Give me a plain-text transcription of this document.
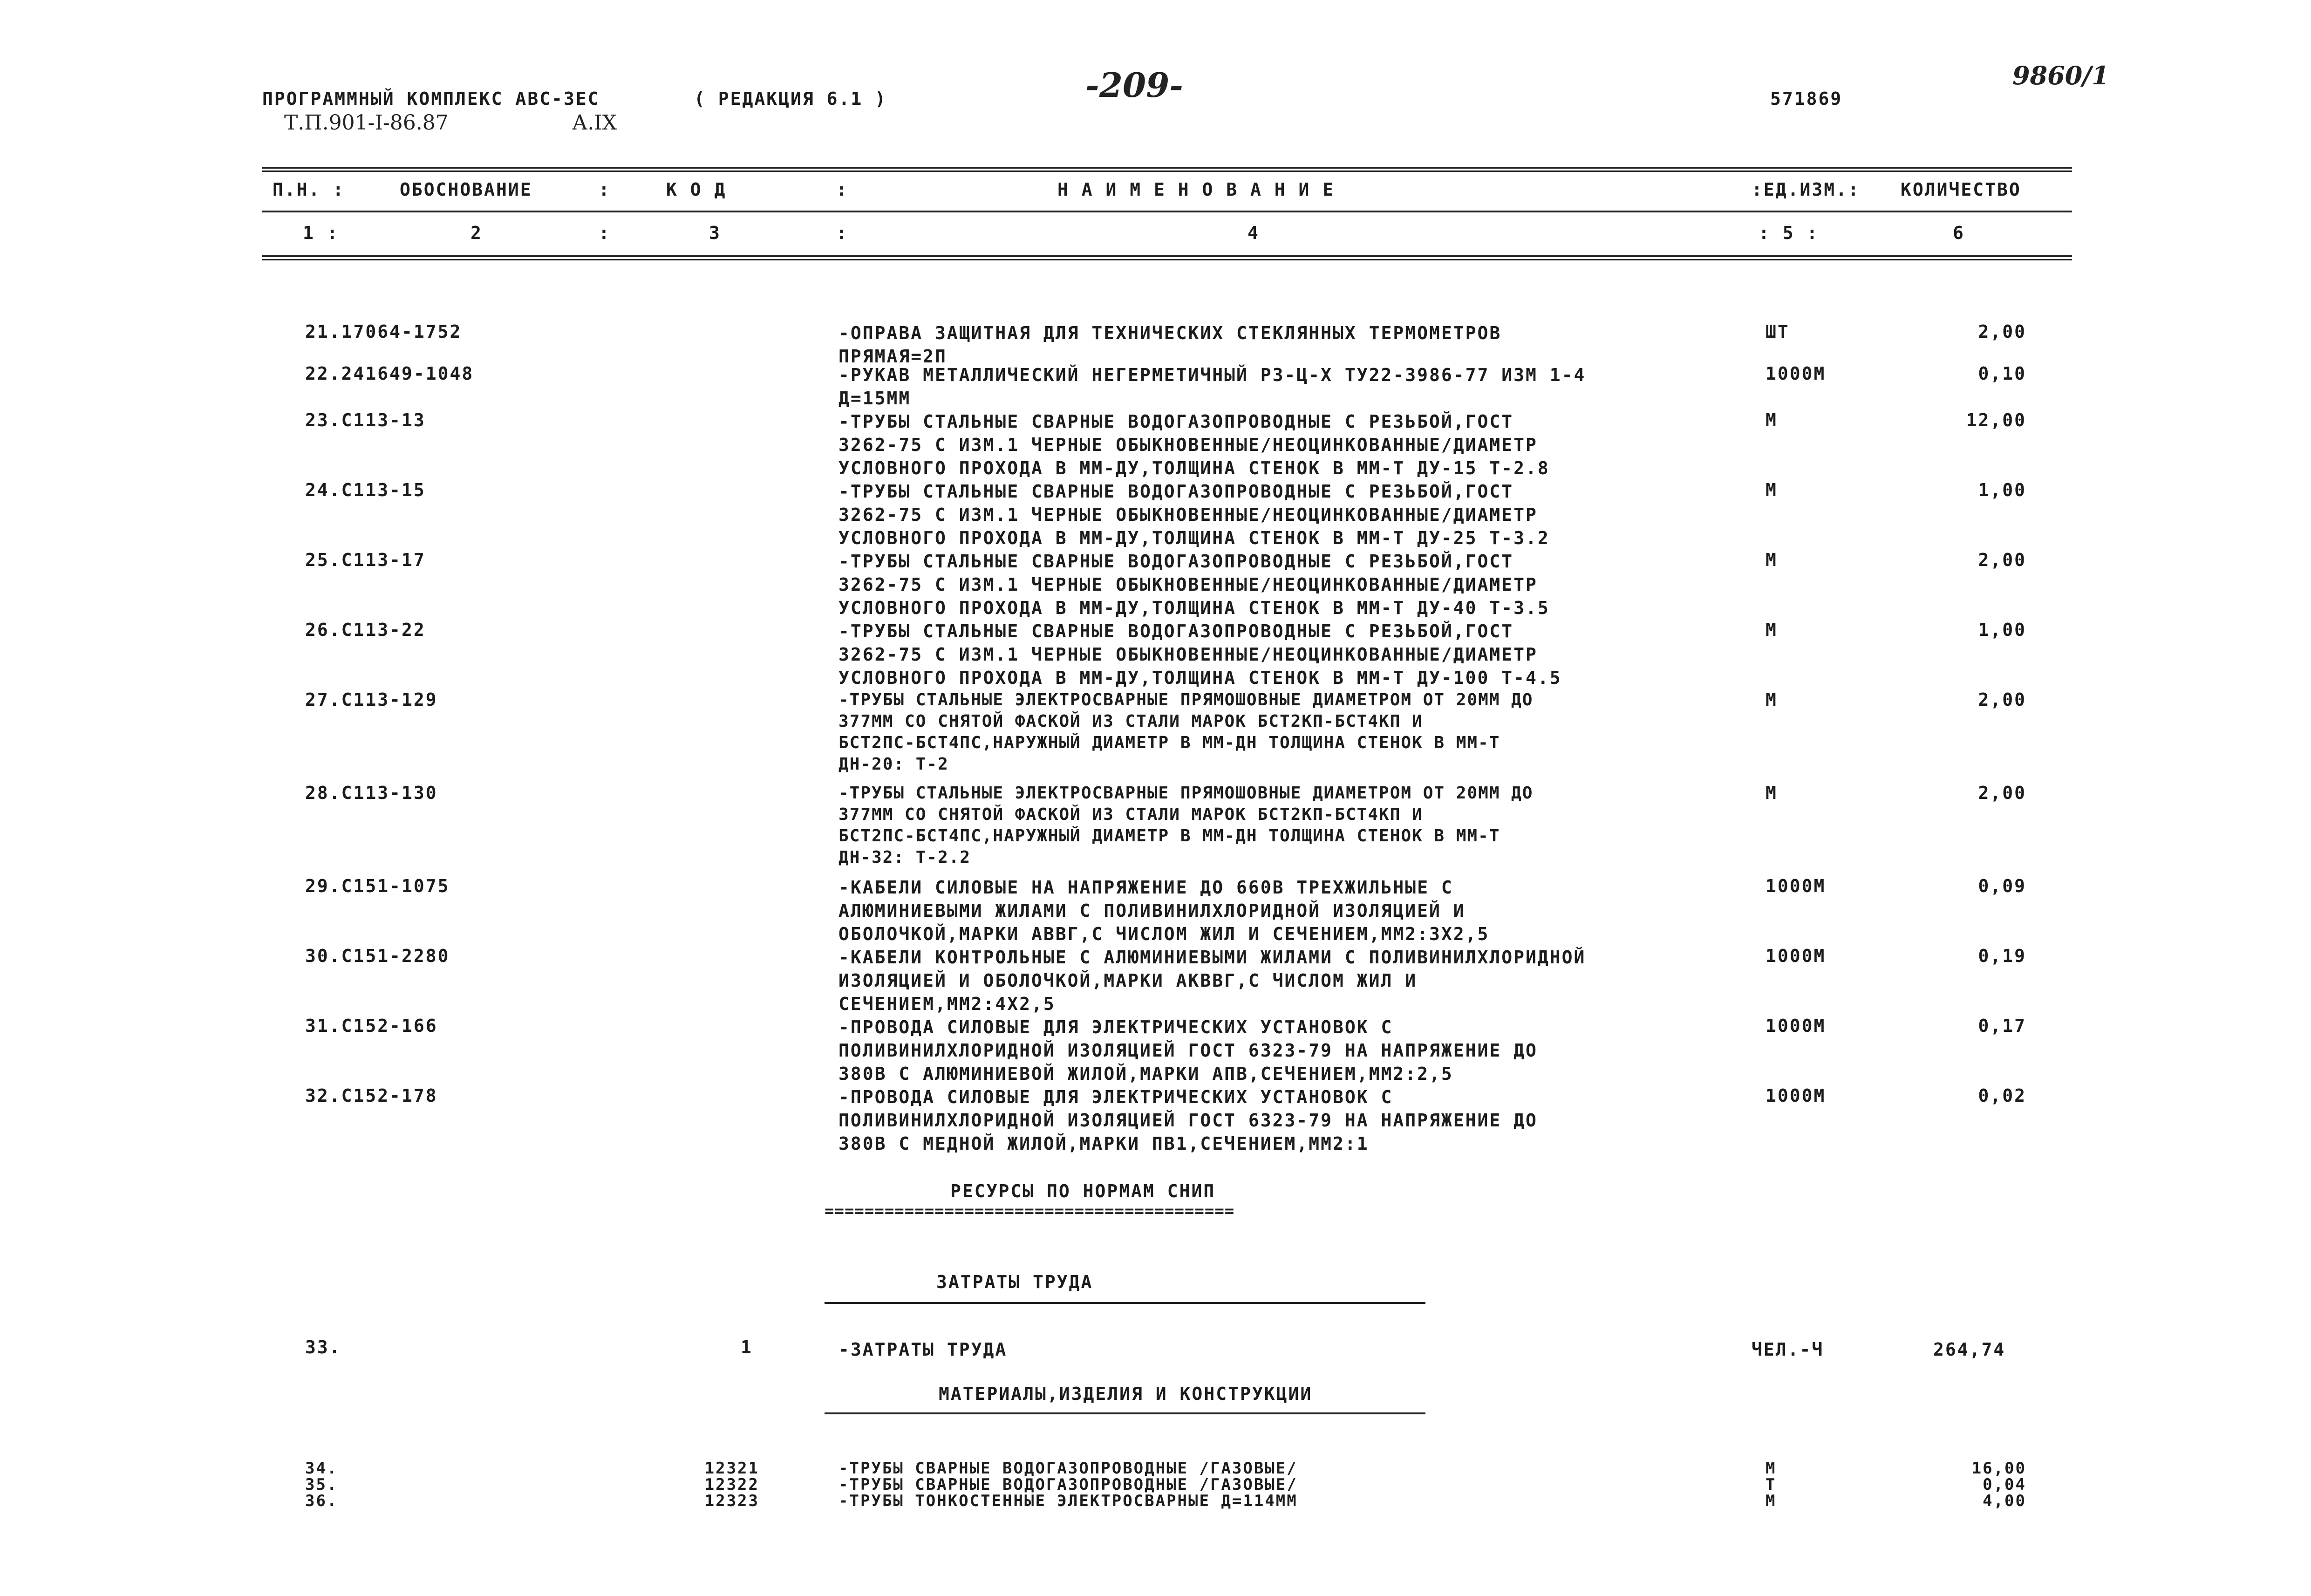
ПРОГРАММНЫЙ КОМПЛЕКС АВС-ЗЕС	( РЕДАКЦИЯ 6.1 )
Т.П.901-I-86.87	А.IX
-209-	571869
9860/1
П.Н. :	ОБОСНОВАНИЕ	:	К О Д	:	Н А И М Е Н О В А Н И Е	:ЕД.ИЗМ.: КОЛИЧЕСТВО
1 :	2	:	3	:	4	: 5 :	6
21.17064-1752	-ОПРАВА ЗАЩИТНАЯ ДЛЯ ТЕХНИЧЕСКИХ СТЕКЛЯННЫХ ТЕРМОМЕТРОВ
ПРЯМАЯ=2П
ШТ	2,00
22.241649-1048	-РУКАВ МЕТАЛЛИЧЕСКИЙ НЕГЕРМЕТИЧНЫЙ РЗ-Ц-Х ТУ22-3986-77 ИЗМ 1-4
Д=15ММ
1000М	0,10
23.С113-13	-ТРУБЫ СТАЛЬНЫЕ СВАРНЫЕ ВОДОГАЗОПРОВОДНЫЕ С РЕЗЬБОЙ,ГОСТ
3262-75 С ИЗМ.1 ЧЕРНЫЕ ОБЫКНОВЕННЫЕ/НЕОЦИНКОВАННЫЕ/ДИАМЕТР
УСЛОВНОГО ПРОХОДА В ММ-ДУ,ТОЛЩИНА СТЕНОК В ММ-Т ДУ-15 Т-2.8
М	12,00
24.С113-15	-ТРУБЫ СТАЛЬНЫЕ СВАРНЫЕ ВОДОГАЗОПРОВОДНЫЕ С РЕЗЬБОЙ,ГОСТ
3262-75 С ИЗМ.1 ЧЕРНЫЕ ОБЫКНОВЕННЫЕ/НЕОЦИНКОВАННЫЕ/ДИАМЕТР
УСЛОВНОГО ПРОХОДА В ММ-ДУ,ТОЛЩИНА СТЕНОК В ММ-Т ДУ-25 Т-3.2
М	1,00
25.С113-17	-ТРУБЫ СТАЛЬНЫЕ СВАРНЫЕ ВОДОГАЗОПРОВОДНЫЕ С РЕЗЬБОЙ,ГОСТ
3262-75 С ИЗМ.1 ЧЕРНЫЕ ОБЫКНОВЕННЫЕ/НЕОЦИНКОВАННЫЕ/ДИАМЕТР
УСЛОВНОГО ПРОХОДА В ММ-ДУ,ТОЛЩИНА СТЕНОК В ММ-Т ДУ-40 Т-3.5
М	2,00
26.С113-22	-ТРУБЫ СТАЛЬНЫЕ СВАРНЫЕ ВОДОГАЗОПРОВОДНЫЕ С РЕЗЬБОЙ,ГОСТ
3262-75 С ИЗМ.1 ЧЕРНЫЕ ОБЫКНОВЕННЫЕ/НЕОЦИНКОВАННЫЕ/ДИАМЕТР
УСЛОВНОГО ПРОХОДА В ММ-ДУ,ТОЛЩИНА СТЕНОК В ММ-Т ДУ-100 Т-4.5
М	1,00
27.С113-129	-ТРУБЫ СТАЛЬНЫЕ ЭЛЕКТРОСВАРНЫЕ ПРЯМОШОВНЫЕ ДИАМЕТРОМ ОТ 20ММ ДО
377ММ СО СНЯТОЙ ФАСКОЙ ИЗ СТАЛИ МАРОК БСТ2КП-БСТ4КП И
БСТ2ПС-БСТ4ПС,НАРУЖНЫЙ ДИАМЕТР В ММ-ДН ТОЛЩИНА СТЕНОК В ММ-Т
ДН-20: Т-2
М	2,00
28.С113-130	-ТРУБЫ СТАЛЬНЫЕ ЭЛЕКТРОСВАРНЫЕ ПРЯМОШОВНЫЕ ДИАМЕТРОМ ОТ 20ММ ДО
377ММ СО СНЯТОЙ ФАСКОЙ ИЗ СТАЛИ МАРОК БСТ2КП-БСТ4КП И
БСТ2ПС-БСТ4ПС,НАРУЖНЫЙ ДИАМЕТР В ММ-ДН ТОЛЩИНА СТЕНОК В ММ-Т
ДН-32: Т-2.2
М	2,00
29.С151-1075	-КАБЕЛИ СИЛОВЫЕ НА НАПРЯЖЕНИЕ ДО 660В ТРЕХЖИЛЬНЫЕ С
АЛЮМИНИЕВЫМИ ЖИЛАМИ С ПОЛИВИНИЛХЛОРИДНОЙ ИЗОЛЯЦИЕЙ И
ОБОЛОЧКОЙ,МАРКИ АВВГ,С ЧИСЛОМ ЖИЛ И СЕЧЕНИЕМ,ММ2:3Х2,5
1000М	0,09
30.С151-2280	-КАБЕЛИ КОНТРОЛЬНЫЕ С АЛЮМИНИЕВЫМИ ЖИЛАМИ С ПОЛИВИНИЛХЛОРИДНОЙ
ИЗОЛЯЦИЕЙ И ОБОЛОЧКОЙ,МАРКИ АКВВГ,С ЧИСЛОМ ЖИЛ И
СЕЧЕНИЕМ,ММ2:4Х2,5
1000М	0,19
31.С152-166	-ПРОВОДА СИЛОВЫЕ ДЛЯ ЭЛЕКТРИЧЕСКИХ УСТАНОВОК С
ПОЛИВИНИЛХЛОРИДНОЙ ИЗОЛЯЦИЕЙ ГОСТ 6323-79 НА НАПРЯЖЕНИЕ ДО
380В С АЛЮМИНИЕВОЙ ЖИЛОЙ,МАРКИ АПВ,СЕЧЕНИЕМ,ММ2:2,5
1000М	0,17
32.С152-178	-ПРОВОДА СИЛОВЫЕ ДЛЯ ЭЛЕКТРИЧЕСКИХ УСТАНОВОК С
ПОЛИВИНИЛХЛОРИДНОЙ ИЗОЛЯЦИЕЙ ГОСТ 6323-79 НА НАПРЯЖЕНИЕ ДО
380В С МЕДНОЙ ЖИЛОЙ,МАРКИ ПВ1,СЕЧЕНИЕМ,ММ2:1
1000М	0,02
РЕСУРСЫ ПО НОРМАМ СНИП
=========================================
ЗАТРАТЫ ТРУДА
33.	1	-ЗАТРАТЫ ТРУДА	ЧЕЛ.-Ч	264,74
МАТЕРИАЛЫ,ИЗДЕЛИЯ И КОНСТРУКЦИИ
34.	12321	-ТРУБЫ СВАРНЫЕ ВОДОГАЗОПРОВОДНЫЕ /ГАЗОВЫЕ/	М	16,00
35.	12322	-ТРУБЫ СВАРНЫЕ ВОДОГАЗОПРОВОДНЫЕ /ГАЗОВЫЕ/	Т	0,04
36.	12323	-ТРУБЫ ТОНКОСТЕННЫЕ ЭЛЕКТРОСВАРНЫЕ Д=114ММ	М	4,00
